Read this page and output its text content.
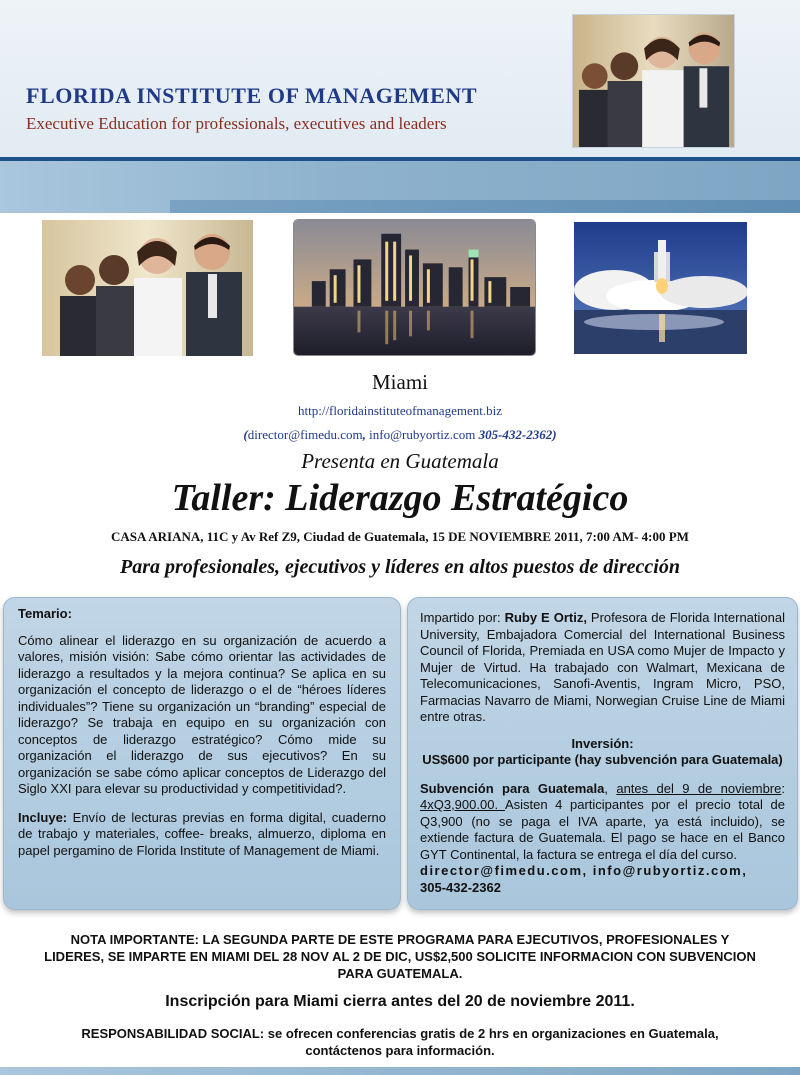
FLORIDA INSTITUTE OF MANAGEMENT
Executive Education for professionals, executives and leaders
Miami
http://floridainstituteofmanagement.biz
(director@fimedu.com, info@rubyortiz.com 305-432-2362)
Presenta en Guatemala
Taller: Liderazgo Estratégico
CASA ARIANA, 11C y Av Ref Z9, Ciudad de Guatemala, 15 DE NOVIEMBRE 2011, 7:00 AM- 4:00 PM
Para profesionales, ejecutivos y líderes en altos puestos de dirección
Temario:
Cómo alinear el liderazgo en su organización de acuerdo a valores, misión visión: Sabe cómo orientar las actividades de liderazgo a resultados y la mejora continua? Se aplica en su organización el concepto de liderazgo o el de “héroes líderes individuales”? Tiene su organización un “branding” especial de liderazgo? Se trabaja en equipo en su organización con conceptos de liderazgo estratégico? Cómo mide su organización el liderazgo de sus ejecutivos? En su organización se sabe cómo aplicar conceptos de Liderazgo del Siglo XXI para elevar su productividad y competitividad?.
Incluye: Envío de lecturas previas en forma digital, cuaderno de trabajo y materiales, coffee- breaks, almuerzo, diploma en papel pergamino de Florida Institute of Management de Miami.
Impartido por: Ruby E Ortiz, Profesora de Florida International University, Embajadora Comercial del International Business Council of Florida, Premiada en USA como Mujer de Impacto y Mujer de Virtud. Ha trabajado con Walmart, Mexicana de Telecomunicaciones, Sanofi-Aventis, Ingram Micro, PSO, Farmacias Navarro de Miami, Norwegian Cruise Line de Miami entre otras.
Inversión:
US$600 por participante (hay subvención para Guatemala)
Subvención para Guatemala, antes del 9 de noviembre: 4xQ3,900.00. Asisten 4 participantes por el precio total de Q3,900 (no se paga el IVA aparte, ya está incluido), se extiende factura de Guatemala. El pago se hace en el Banco GYT Continental, la factura se entrega el día del curso.
director@fimedu.com, info@rubyortiz.com,
305-432-2362
NOTA IMPORTANTE: LA SEGUNDA PARTE DE ESTE PROGRAMA PARA EJECUTIVOS, PROFESIONALES Y LIDERES, SE IMPARTE EN MIAMI DEL 28 NOV AL 2 DE DIC, US$2,500 SOLICITE INFORMACION CON SUBVENCION PARA GUATEMALA.
Inscripción para Miami cierra antes del 20 de noviembre 2011.
RESPONSABILIDAD SOCIAL: se ofrecen conferencias gratis de 2 hrs en organizaciones en Guatemala, contáctenos para información.
